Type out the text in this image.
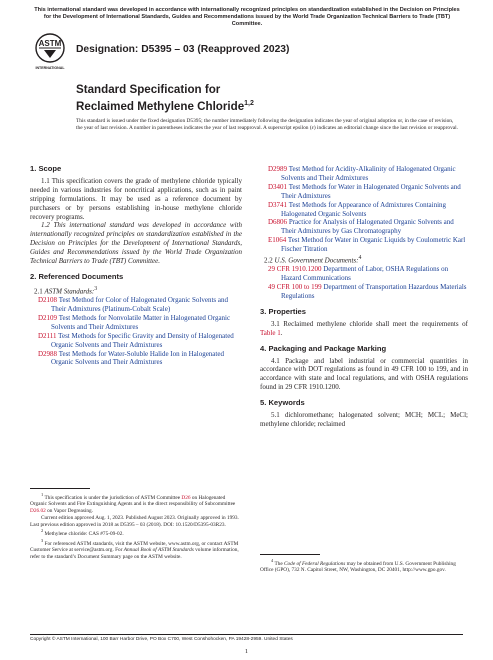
This international standard was developed in accordance with internationally recognized principles on standardization established in the Decision on Principles for the Development of International Standards, Guides and Recommendations issued by the World Trade Organization Technical Barriers to Trade (TBT) Committee.
ASTM
INTERNATIONAL
Designation: D5395 – 03 (Reapproved 2023)
Standard Specification for
Reclaimed Methylene Chloride$^{1,2}$
This standard is issued under the fixed designation D5395; the number immediately following the designation indicates the year of original adoption or, in the case of revision, the year of last revision. A number in parentheses indicates the year of last reapproval. A superscript epsilon (ε) indicates an editorial change since the last revision or reapproval.
1. Scope

1.1 This specification covers the grade of methylene chloride typically needed in various industries for noncritical applications, such as in paint stripping formulations. It may be used as a reference document by purchasers or by persons establishing in-house methylene chloride recovery programs.

1.2 This international standard was developed in accordance with internationally recognized principles on standardization established in the Decision on Principles for the Development of International Standards, Guides and Recommendations issued by the World Trade Organization Technical Barriers to Trade (TBT) Committee.

2. Referenced Documents

2.1 ASTM Standards:$^3$

D2108 Test Method for Color of Halogenated Organic Solvents and Their Admixtures (Platinum-Cobalt Scale)

D2109 Test Methods for Nonvolatile Matter in Halogenated Organic Solvents and Their Admixtures

D2111 Test Methods for Specific Gravity and Density of Halogenated Organic Solvents and Their Admixtures

D2988 Test Methods for Water-Soluble Halide Ion in Halogenated Organic Solvents and Their Admixtures

D2989 Test Method for Acidity-Alkalinity of Halogenated Organic Solvents and Their Admixtures

D3401 Test Methods for Water in Halogenated Organic Solvents and Their Admixtures

D3741 Test Methods for Appearance of Admixtures Containing Halogenated Organic Solvents

D6806 Practice for Analysis of Halogenated Organic Solvents and Their Admixtures by Gas Chromatography

E1064 Test Method for Water in Organic Liquids by Coulometric Karl Fischer Titration

2.2 U.S. Government Documents:$^4$

29 CFR 1910.1200 Department of Labor, OSHA Regulations on Hazard Communications

49 CFR 100 to 199 Department of Transportation Hazardous Materials Regulations

3. Properties

3.1 Reclaimed methylene chloride shall meet the requirements of Table 1.

4. Packaging and Package Marking

4.1 Package and label industrial or commercial quantities in accordance with DOT regulations as found in 49 CFR 100 to 199, and in accordance with state and local regulations, and with OSHA regulations found in 29 CFR 1910.1200.

5. Keywords

5.1 dichloromethane; halogenated solvent; MCH; MCL; MeCl; methylene chloride; reclaimed

$^1$ This specification is under the jurisdiction of ASTM Committee D26 on Halogenated Organic Solvents and Fire Extinguishing Agents and is the direct responsibility of Subcommittee D26.02 on Vapor Degreasing.

Current edition approved Aug. 1, 2023. Published August 2023. Originally approved in 1993. Last previous edition approved in 2018 as D5395 – 03 (2018). DOI: 10.1520/D5395-03R23.

$^2$ Methylene chloride: CAS #75-09-02.

$^3$ For referenced ASTM standards, visit the ASTM website, www.astm.org, or contact ASTM Customer Service at service@astm.org. For Annual Book of ASTM Standards volume information, refer to the standard’s Document Summary page on the ASTM website.

$^4$ The Code of Federal Regulations may be obtained from U.S. Government Publishing Office (GPO), 732 N. Capitol Street, NW, Washington, DC 20401, http://www.gpo.gov.

Copyright © ASTM International, 100 Barr Harbor Drive, PO Box C700, West Conshohocken, PA 19428-2959. United States
1
